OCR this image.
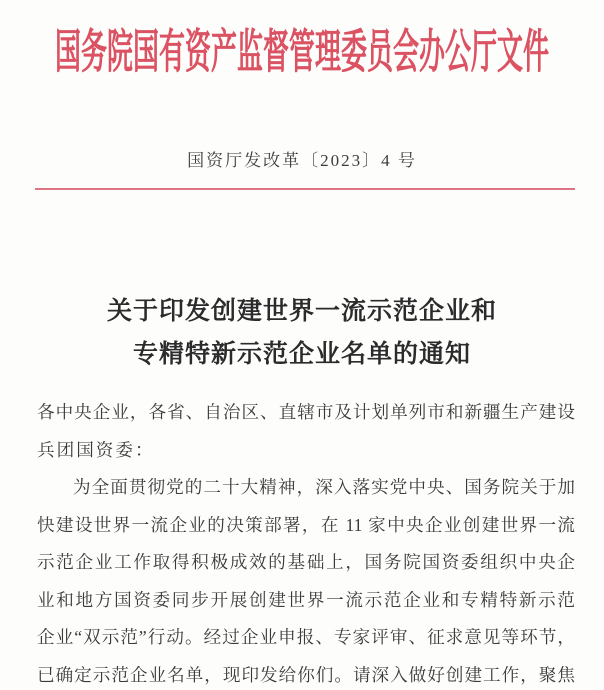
国务院国有资产监督管理委员会办公厅文件
国资厅发改革〔2023〕4 号
关于印发创建世界一流示范企业和
专精特新示范企业名单的通知
各中央企业，各省、自治区、直辖市及计划单列市和新疆生产建设
兵团国资委：
为全面贯彻党的二十大精神，深入落实党中央、国务院关于加
快建设世界一流企业的决策部署，在 11 家中央企业创建世界一流
示范企业工作取得积极成效的基础上，国务院国资委组织中央企
业和地方国资委同步开展创建世界一流示范企业和专精特新示范
企业“双示范”行动。经过企业申报、专家评审、征求意见等环节，
已确定示范企业名单，现印发给你们。请深入做好创建工作，聚焦
